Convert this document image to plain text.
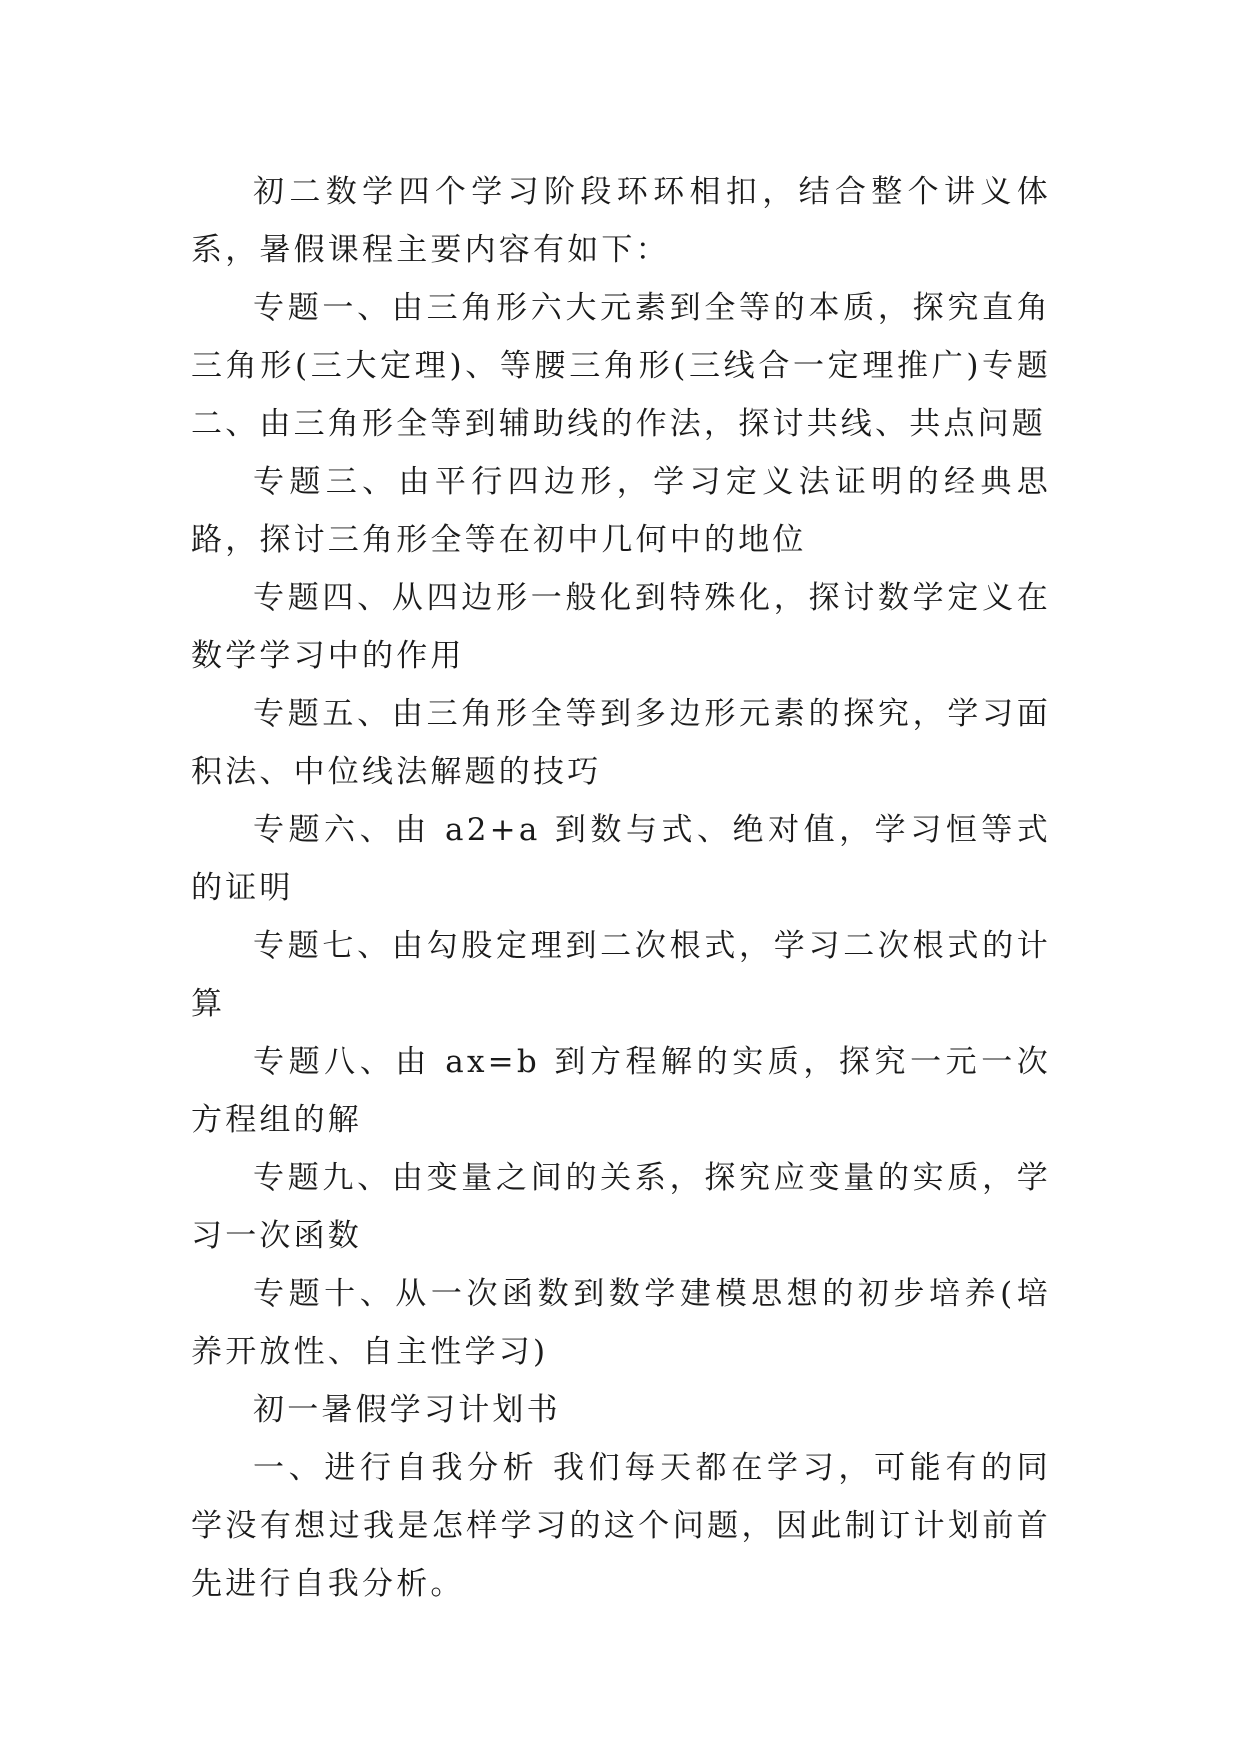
初二数学四个学习阶段环环相扣，结合整个讲义体系，暑假课程主要内容有如下：

专题一、由三角形六大元素到全等的本质，探究直角三角形(三大定理)、等腰三角形(三线合一定理推广)专题二、由三角形全等到辅助线的作法，探讨共线、共点问题

专题三、由平行四边形，学习定义法证明的经典思路，探讨三角形全等在初中几何中的地位

专题四、从四边形一般化到特殊化，探讨数学定义在数学学习中的作用

专题五、由三角形全等到多边形元素的探究，学习面积法、中位线法解题的技巧

专题六、由 a2+a 到数与式、绝对值，学习恒等式的证明

专题七、由勾股定理到二次根式，学习二次根式的计算

专题八、由 ax=b 到方程解的实质，探究一元一次方程组的解

专题九、由变量之间的关系，探究应变量的实质，学习一次函数

专题十、从一次函数到数学建模思想的初步培养(培养开放性、自主性学习)

初一暑假学习计划书

一、进行自我分析 我们每天都在学习，可能有的同学没有想过我是怎样学习的这个问题，因此制订计划前首先进行自我分析。
